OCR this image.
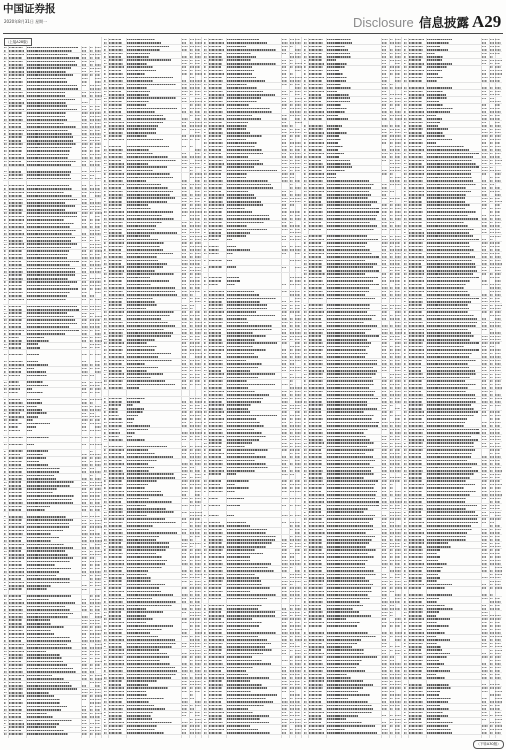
中国证券报
2020年8月31日 星期一	Disclosure 信息披露 A29
（上接A28版）
（下转A30版）
